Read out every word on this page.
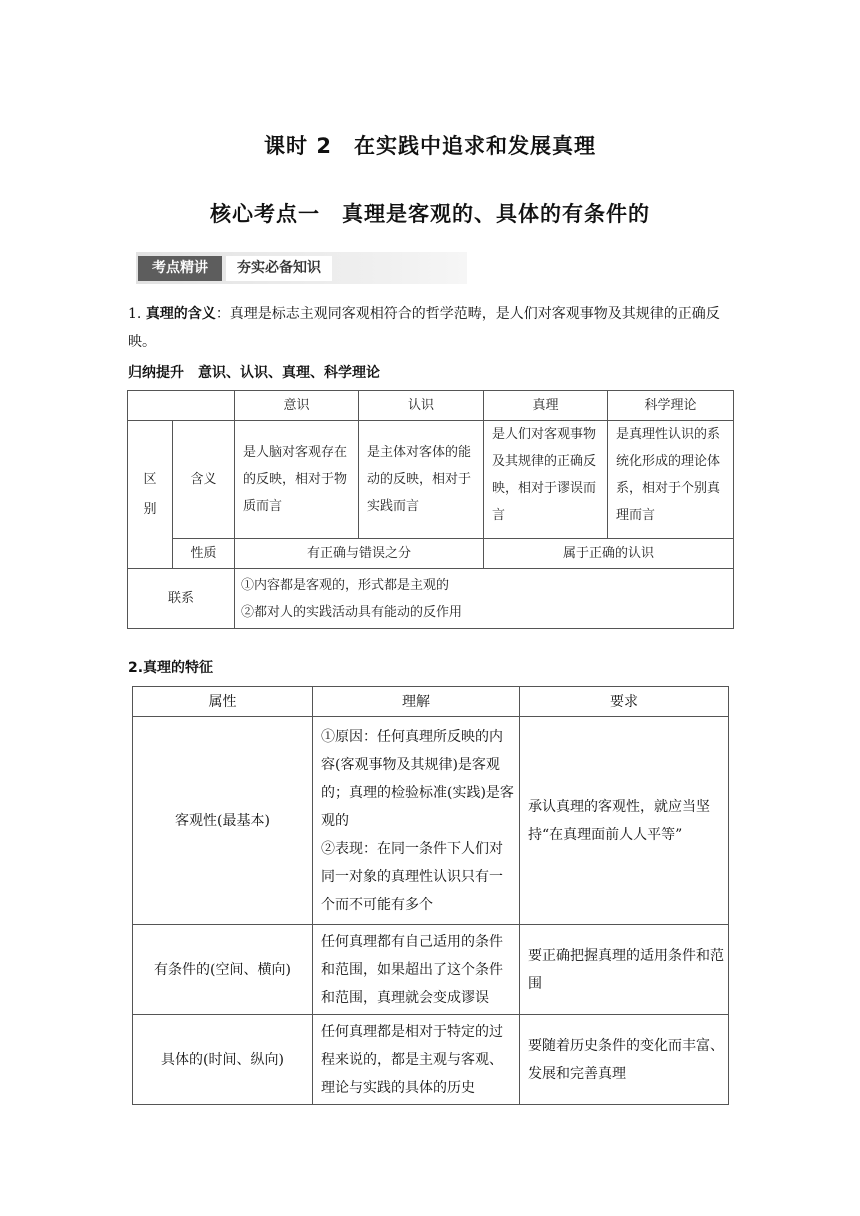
课时 2　在实践中追求和发展真理
核心考点一　真理是客观的、具体的有条件的
考点精讲	夯实必备知识
1. 真理的含义：真理是标志主观同客观相符合的哲学范畴，是人们对客观事物及其规律的正确反映。
归纳提升　意识、认识、真理、科学理论
		意识	认识	真理	科学理论

区别	含义	是人脑对客观存在的反映，相对于物质而言	是主体对客体的能动的反映，相对于实践而言	是人们对客观事物及其规律的正确反映，相对于谬误而言	是真理性认识的系统化形成的理论体系，相对于个别真理而言
	性质	有正确与错误之分		属于正确的认识	
联系		①内容都是客观的，形式都是主观的
②都对人的实践活动具有能动的反作用			
2.真理的特征
属性	理解	要求
客观性(最基本)	①原因：任何真理所反映的内容(客观事物及其规律)是客观的；真理的检验标准(实践)是客观的
②表现：在同一条件下人们对同一对象的真理性认识只有一个而不可能有多个	承认真理的客观性，就应当坚持“在真理面前人人平等”
有条件的(空间、横向)	任何真理都有自己适用的条件和范围，如果超出了这个条件和范围，真理就会变成谬误	要正确把握真理的适用条件和范围
具体的(时间、纵向)	任何真理都是相对于特定的过程来说的，都是主观与客观、理论与实践的具体的历史	要随着历史条件的变化而丰富、发展和完善真理
